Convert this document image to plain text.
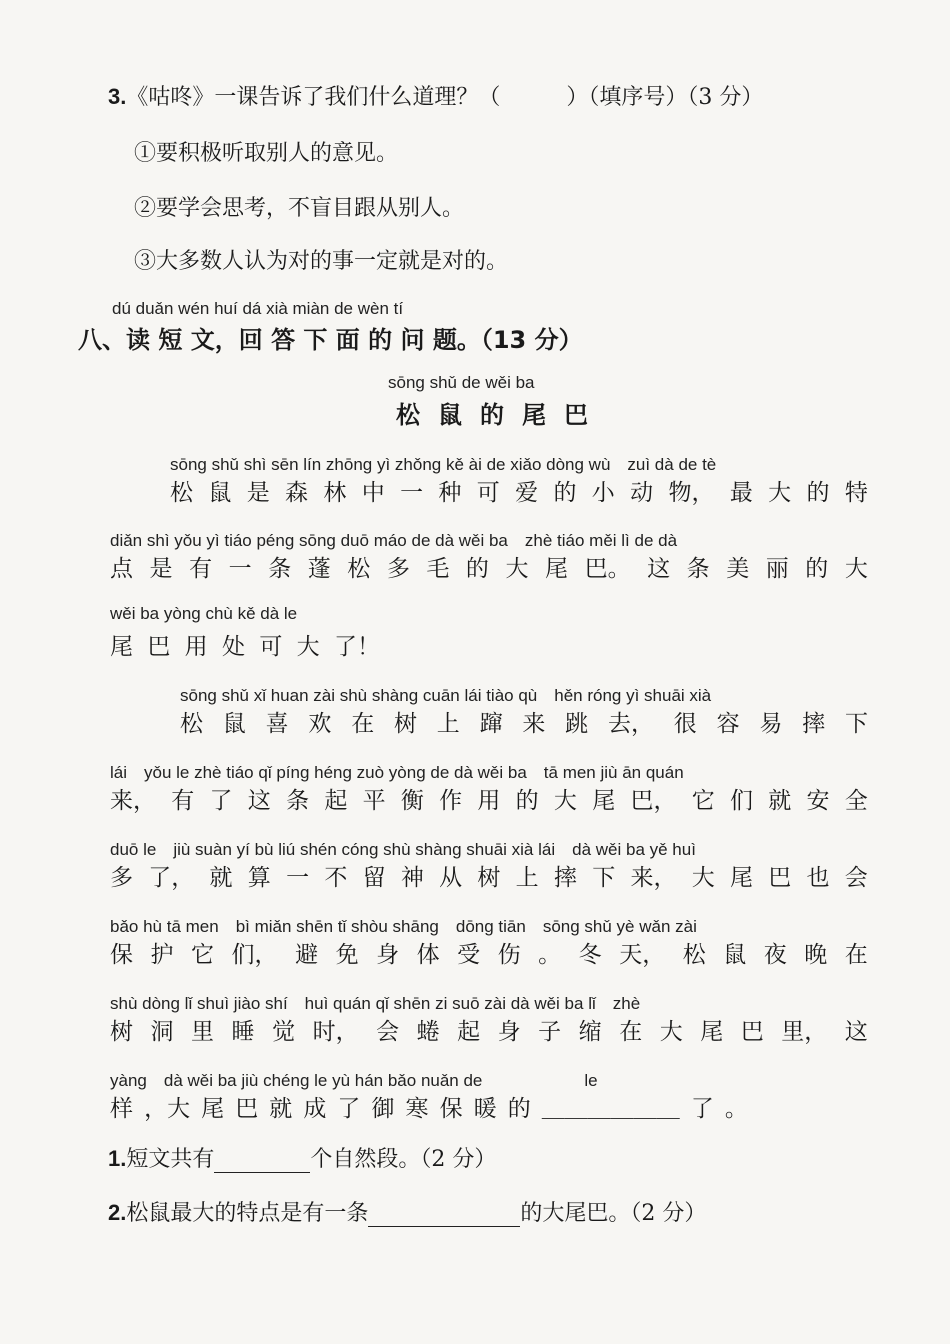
3.《咕咚》一课告诉了我们什么道理？（　　　）（填序号）（3 分）
①要积极听取别人的意见。
②要学会思考，不盲目跟从别人。
③大多数人认为对的事一定就是对的。
dú duǎn wén huí dá xià miàn de wèn tí
八、读 短 文，回 答 下 面 的 问 题。（13 分）
sōng shǔ de wěi ba
松鼠的尾巴
sōng shǔ shì sēn lín zhōng yì zhǒng kě ài de xiǎo dòng wù　zuì dà de tè
松 鼠 是 森 林 中 一 种 可 爱 的 小 动 物， 最 大 的 特
diǎn shì yǒu yì tiáo péng sōng duō máo de dà wěi ba　zhè tiáo měi lì de dà
点 是 有 一 条 蓬 松 多 毛 的 大 尾 巴。 这 条 美 丽 的 大
wěi ba yòng chù kě dà le
尾 巴 用 处 可 大 了！
sōng shǔ xǐ huan zài shù shàng cuān lái tiào qù　hěn róng yì shuāi xià
松 鼠 喜 欢 在 树 上 蹿 来 跳 去， 很 容 易 摔 下
lái　yǒu le zhè tiáo qǐ píng héng zuò yòng de dà wěi ba　tā men jiù ān quán
来， 有 了 这 条 起 平 衡 作 用 的 大 尾 巴， 它 们 就 安 全
duō le　jiù suàn yí bù liú shén cóng shù shàng shuāi xià lái　dà wěi ba yě huì
多 了， 就 算 一 不 留 神 从 树 上 摔 下 来， 大 尾 巴 也 会
bǎo hù tā men　bì miǎn shēn tǐ shòu shāng　dōng tiān　sōng shǔ yè wǎn zài
保 护 它 们， 避 免 身 体 受 伤 。 冬 天， 松 鼠 夜 晚 在
shù dòng lǐ shuì jiào shí　huì quán qǐ shēn zi suō zài dà wěi ba lǐ　zhè
树 洞 里 睡 觉 时， 会 蜷 起 身 子 缩 在 大 尾 巴 里， 这
yàng　dà wěi ba jiù chéng le yù hán bǎo nuǎn de　　　　　　le
样 ，大 尾 巴 就 成 了 御 寒 保 暖 的 ＿＿＿＿＿＿ 了 。
1.短文共有	个自然段。（2 分）
2.松鼠最大的特点是有一条	的大尾巴。（2 分）
